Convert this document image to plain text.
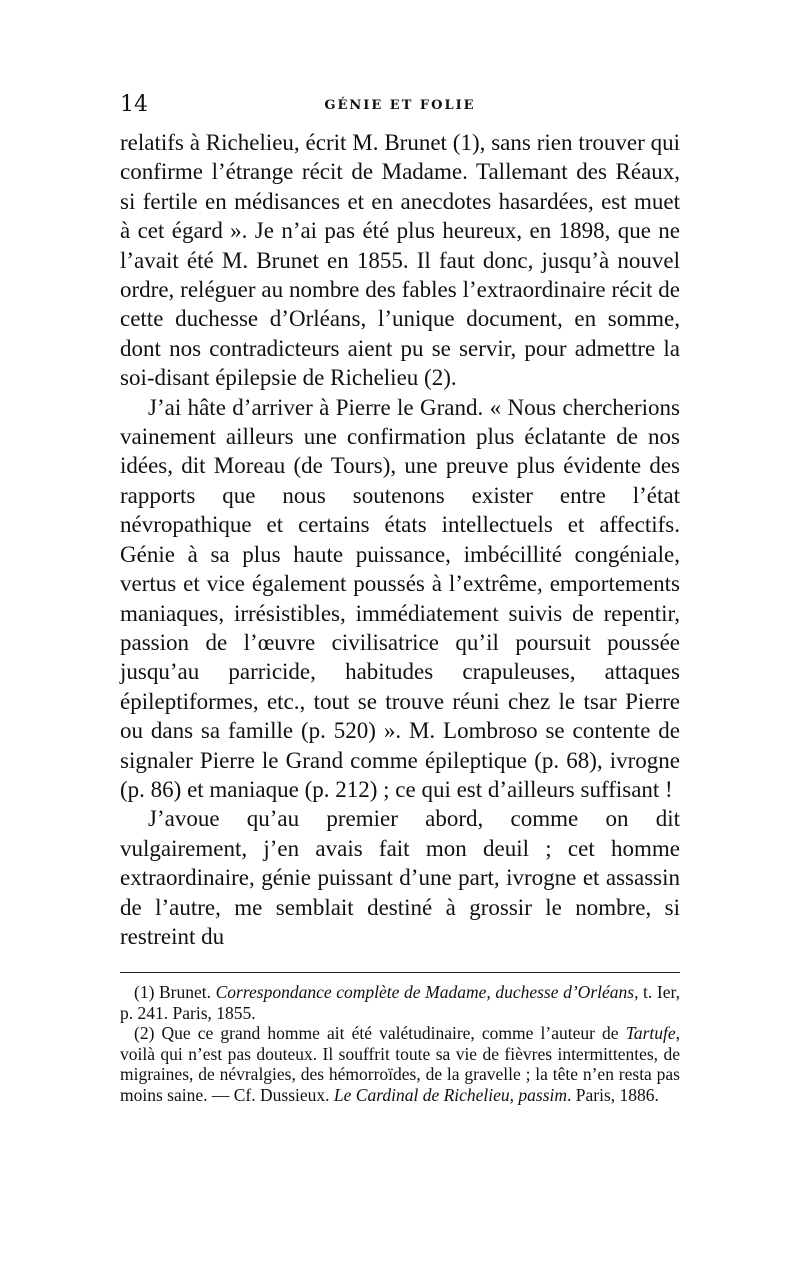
14	GÉNIE ET FOLIE

relatifs à Richelieu, écrit M. Brunet (1), sans rien trouver qui confirme l’étrange récit de Madame. Tallemant des Réaux, si fertile en médisances et en anecdotes hasardées, est muet à cet égard ». Je n’ai pas été plus heureux, en 1898, que ne l’avait été M. Brunet en 1855. Il faut donc, jusqu’à nouvel ordre, reléguer au nombre des fables l’extraordinaire récit de cette duchesse d’Orléans, l’unique document, en somme, dont nos contradicteurs aient pu se servir, pour admettre la soi-disant épilepsie de Richelieu (2).

J’ai hâte d’arriver à Pierre le Grand. « Nous chercherions vainement ailleurs une confirmation plus éclatante de nos idées, dit Moreau (de Tours), une preuve plus évidente des rapports que nous soutenons exister entre l’état névropathique et certains états intellectuels et affectifs. Génie à sa plus haute puissance, imbécillité congéniale, vertus et vice également poussés à l’extrême, emportements maniaques, irrésistibles, immédiatement suivis de repentir, passion de l’œuvre civilisatrice qu’il poursuit poussée jusqu’au parricide, habitudes crapuleuses, attaques épileptiformes, etc., tout se trouve réuni chez le tsar Pierre ou dans sa famille (p. 520) ». M. Lombroso se contente de signaler Pierre le Grand comme épileptique (p. 68), ivrogne (p. 86) et maniaque (p. 212) ; ce qui est d’ailleurs suffisant !

J’avoue qu’au premier abord, comme on dit vulgairement, j’en avais fait mon deuil ; cet homme extraordinaire, génie puissant d’une part, ivrogne et assassin de l’autre, me semblait destiné à grossir le nombre, si restreint du

(1) Brunet. Correspondance complète de Madame, duchesse d’Orléans, t. Ier, p. 241. Paris, 1855.

(2) Que ce grand homme ait été valétudinaire, comme l’auteur de Tartufe, voilà qui n’est pas douteux. Il souffrit toute sa vie de fièvres intermittentes, de migraines, de névralgies, des hémorroïdes, de la gravelle ; la tête n’en resta pas moins saine. — Cf. Dussieux. Le Cardinal de Richelieu, passim. Paris, 1886.
